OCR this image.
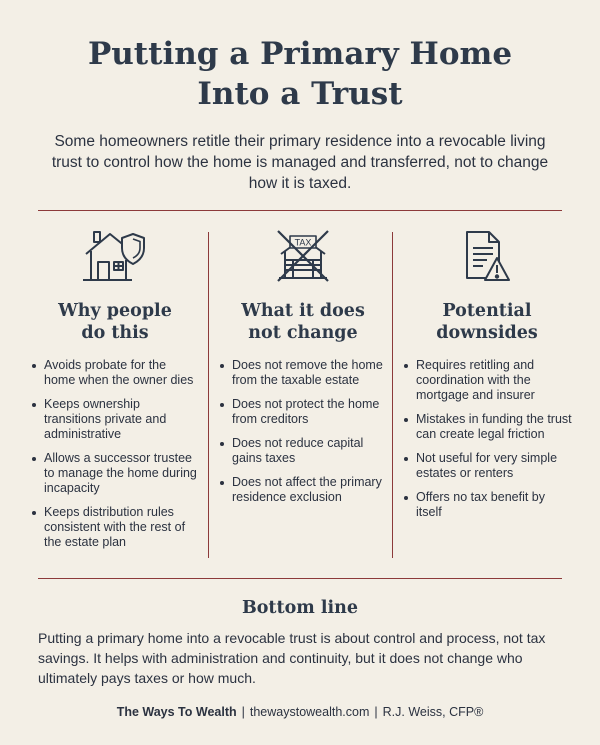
Putting a Primary Home
Into a Trust

Some homeowners retitle their primary residence into a revocable living trust to control how the home is managed and transferred, not to change how it is taxed.

Why people
do this
Avoids probate for the home when the owner dies
Keeps ownership transitions private and administrative
Allows a successor trustee to manage the home during incapacity
Keeps distribution rules consistent with the rest of the estate plan
TAX
What it does
not change
Does not remove the home from the taxable estate
Does not protect the home from creditors
Does not reduce capital gains taxes
Does not affect the primary residence exclusion
Potential
downsides
Requires retitling and coordination with the mortgage and insurer
Mistakes in funding the trust can create legal friction
Not useful for very simple estates or renters
Offers no tax benefit by itself
Bottom line

Putting a primary home into a revocable trust is about control and process, not tax savings. It helps with administration and continuity, but it does not change who ultimately pays taxes or how much.

The Ways To Wealth | thewaystowealth.com | R.J. Weiss, CFP®
